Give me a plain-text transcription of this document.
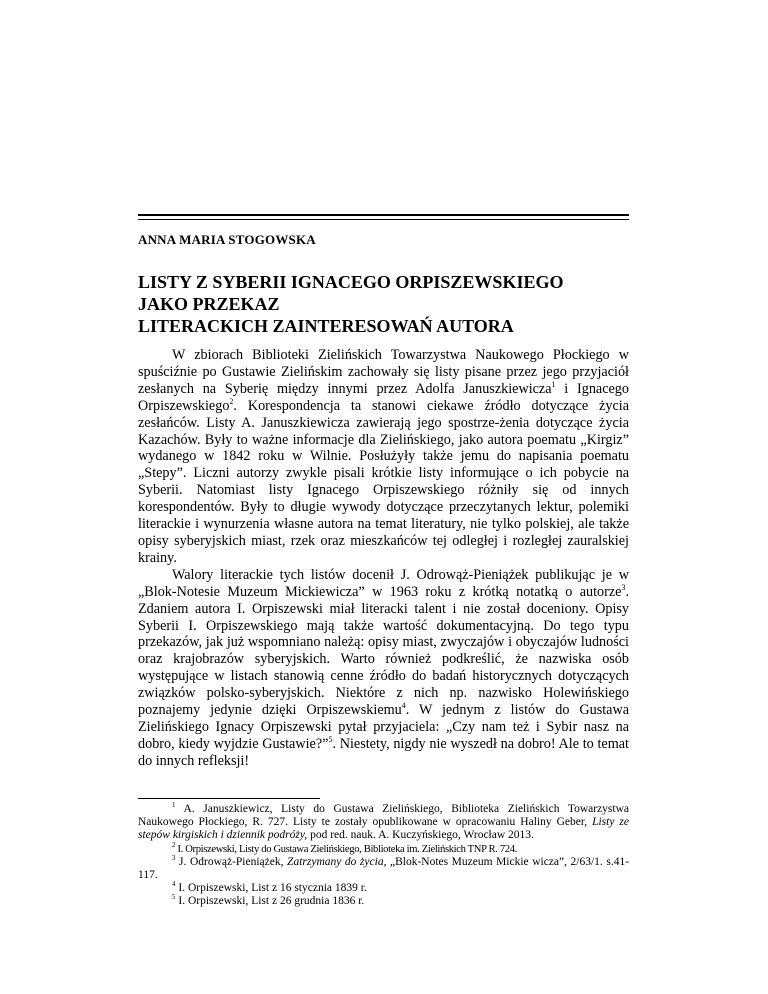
ANNA MARIA STOGOWSKA
LISTY Z SYBERII IGNACEGO ORPISZEWSKIEGO
JAKO PRZEKAZ
LITERACKICH ZAINTERESOWAŃ AUTORA

W zbiorach Biblioteki Zielińskich Towarzystwa Naukowego Płockiego w spuściźnie po Gustawie Zielińskim zachowały się listy pisane przez jego przyjaciół zesłanych na Syberię między innymi przez Adolfa Januszkiewicza$^1$ i Ignacego Orpiszewskiego$^2$. Korespondencja ta stanowi ciekawe źródło dotyczące życia zesłańców. Listy A. Januszkiewicza zawierają jego spostrze-żenia dotyczące życia Kazachów. Były to ważne informacje dla Zielińskiego, jako autora poematu „Kirgiz” wydanego w 1842 roku w Wilnie. Posłużyły także jemu do napisania poematu „Stepy”. Liczni autorzy zwykle pisali krótkie listy informujące o ich pobycie na Syberii. Natomiast listy Ignacego Orpiszewskiego różniły się od innych korespondentów. Były to długie wywody dotyczące przeczytanych lektur, polemiki literackie i wynurzenia własne autora na temat literatury, nie tylko polskiej, ale także opisy syberyjskich miast, rzek oraz mieszkańców tej odległej i rozległej zauralskiej krainy.

Walory literackie tych listów docenił J. Odrowąż-Pieniążek publikując je w „Blok-Notesie Muzeum Mickiewicza” w 1963 roku z krótką notatką o autorze$^3$. Zdaniem autora I. Orpiszewski miał literacki talent i nie został doceniony. Opisy Syberii I. Orpiszewskiego mają także wartość dokumentacyjną. Do tego typu przekazów, jak już wspomniano należą: opisy miast, zwyczajów i obyczajów ludności oraz krajobrazów syberyjskich. Warto również podkreślić, że nazwiska osób występujące w listach stanowią cenne źródło do badań historycznych dotyczących związków polsko-syberyjskich. Niektóre z nich np. nazwisko Holewińskiego poznajemy jedynie dzięki Orpiszewskiemu$^4$. W jednym z listów do Gustawa Zielińskiego Ignacy Orpiszewski pytał przyjaciela: „Czy nam też i Sybir nasz na dobro, kiedy wyjdzie Gustawie?”$^5$. Niestety, nigdy nie wyszedł na dobro! Ale to temat do innych refleksji!

$^1$ A. Januszkiewicz, Listy do Gustawa Zielińskiego, Biblioteka Zielińskich Towarzystwa Naukowego Płockiego, R. 727. Listy te zostały opublikowane w opracowaniu Haliny Geber, Listy ze stepów kirgiskich i dziennik podróży, pod red. nauk. A. Kuczyńskiego, Wrocław 2013.

$^2$ I. Orpiszewski, Listy do Gustawa Zielińskiego, Biblioteka im. Zielińskich TNP R. 724.

$^3$ J. Odrowąż-Pieniążek, Zatrzymany do życia, „Blok-Notes Muzeum Mickie wicza”, 2/63/1. s.41-117.

$^4$ I. Orpiszewski, List z 16 stycznia 1839 r.

$^5$ I. Orpiszewski, List z 26 grudnia 1836 r.
